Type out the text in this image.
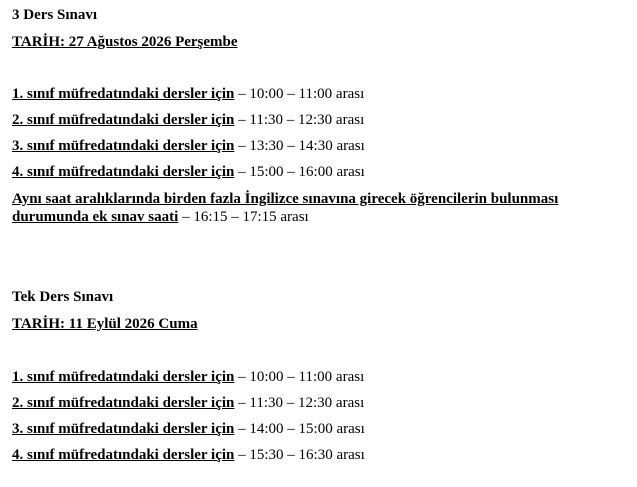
3 Ders Sınavı
TARİH: 27 Ağustos 2026 Perşembe
1. sınıf müfredatındaki dersler için – 10:00 – 11:00 arası
2. sınıf müfredatındaki dersler için – 11:30 – 12:30 arası
3. sınıf müfredatındaki dersler için – 13:30 – 14:30 arası
4. sınıf müfredatındaki dersler için – 15:00 – 16:00 arası
Aynı saat aralıklarında birden fazla İngilizce sınavına girecek öğrencilerin bulunması durumunda ek sınav saati – 16:15 – 17:15 arası
Tek Ders Sınavı
TARİH: 11 Eylül 2026 Cuma
1. sınıf müfredatındaki dersler için – 10:00 – 11:00 arası
2. sınıf müfredatındaki dersler için – 11:30 – 12:30 arası
3. sınıf müfredatındaki dersler için – 14:00 – 15:00 arası
4. sınıf müfredatındaki dersler için – 15:30 – 16:30 arası
